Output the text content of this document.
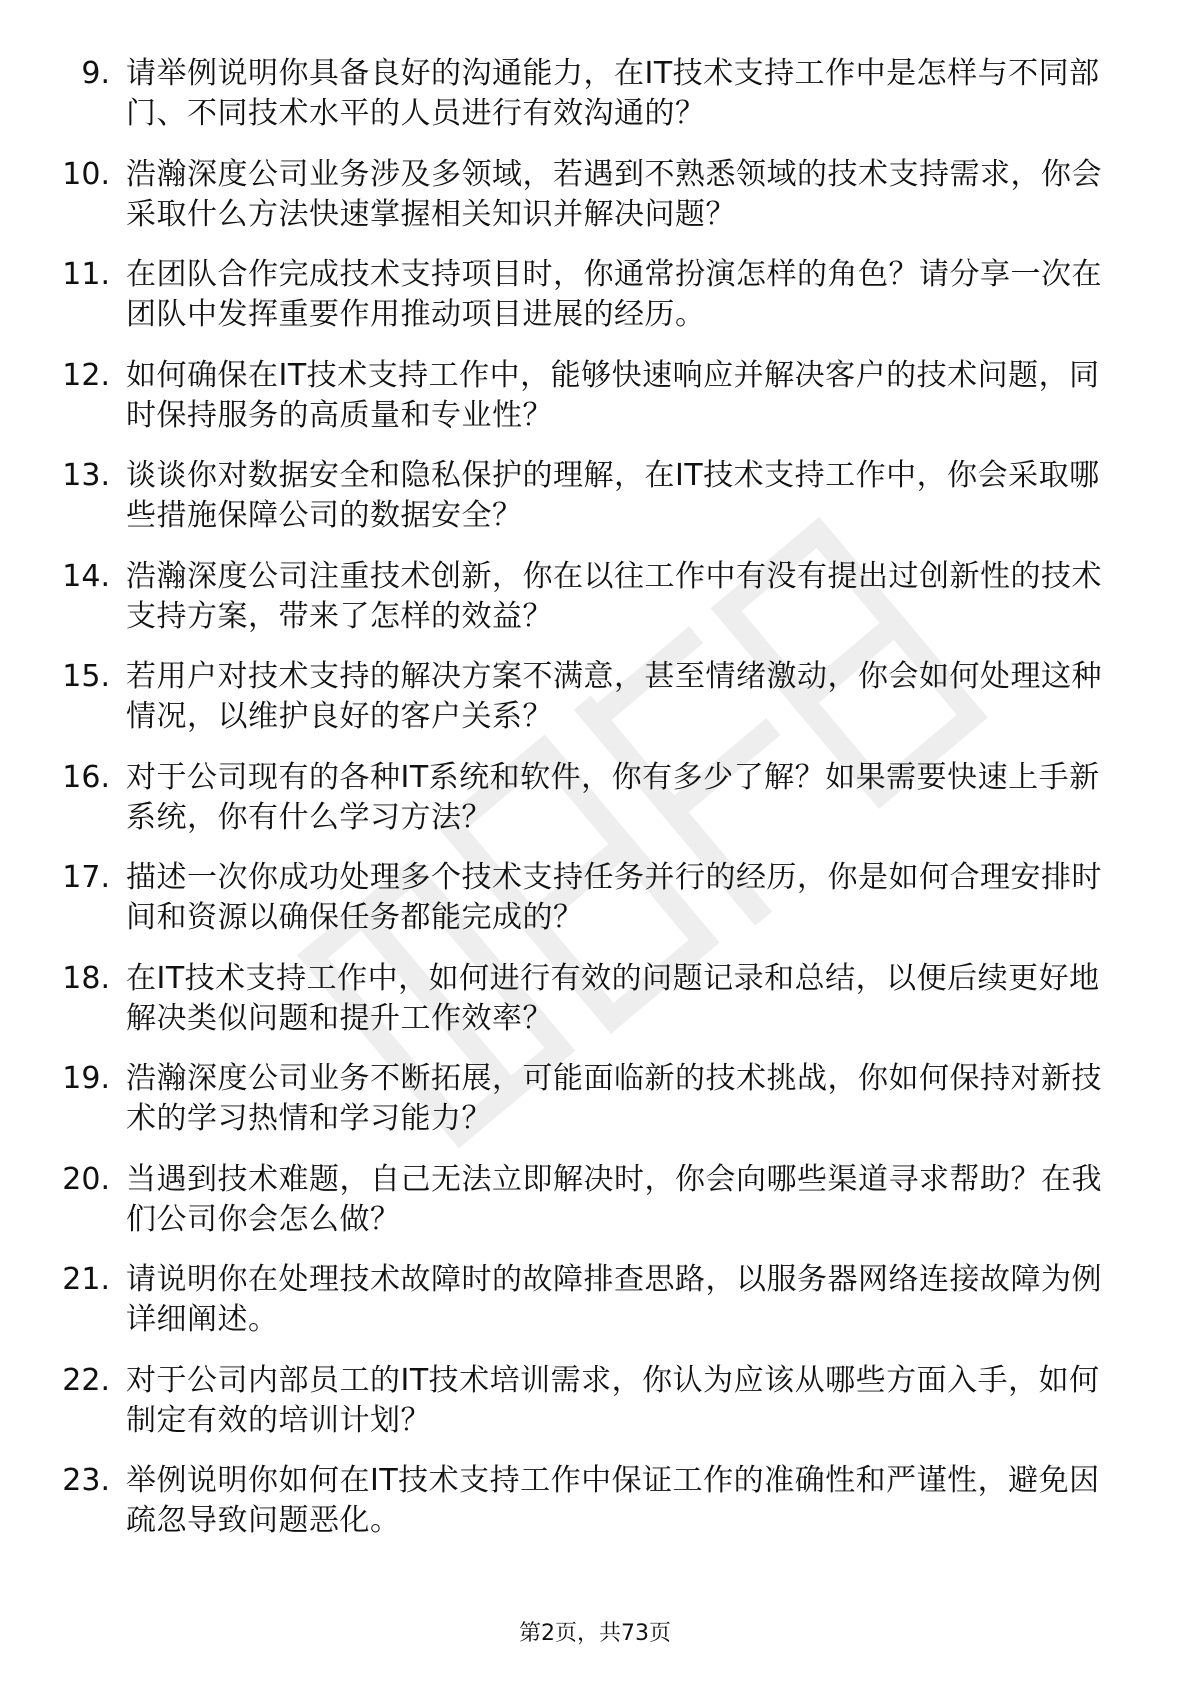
9. 请举例说明你具备良好的沟通能力，在IT技术支持工作中是怎样与不同部门、不同技术水平的人员进行有效沟通的？
10. 浩瀚深度公司业务涉及多领域，若遇到不熟悉领域的技术支持需求，你会采取什么方法快速掌握相关知识并解决问题？
11. 在团队合作完成技术支持项目时，你通常扮演怎样的角色？请分享一次在团队中发挥重要作用推动项目进展的经历。
12. 如何确保在IT技术支持工作中，能够快速响应并解决客户的技术问题，同时保持服务的高质量和专业性？
13. 谈谈你对数据安全和隐私保护的理解，在IT技术支持工作中，你会采取哪些措施保障公司的数据安全？
14. 浩瀚深度公司注重技术创新，你在以往工作中有没有提出过创新性的技术支持方案，带来了怎样的效益？
15. 若用户对技术支持的解决方案不满意，甚至情绪激动，你会如何处理这种情况，以维护良好的客户关系？
16. 对于公司现有的各种IT系统和软件，你有多少了解？如果需要快速上手新系统，你有什么学习方法？
17. 描述一次你成功处理多个技术支持任务并行的经历，你是如何合理安排时间和资源以确保任务都能完成的？
18. 在IT技术支持工作中，如何进行有效的问题记录和总结，以便后续更好地解决类似问题和提升工作效率？
19. 浩瀚深度公司业务不断拓展，可能面临新的技术挑战，你如何保持对新技术的学习热情和学习能力？
20. 当遇到技术难题，自己无法立即解决时，你会向哪些渠道寻求帮助？在我们公司你会怎么做？
21. 请说明你在处理技术故障时的故障排查思路，以服务器网络连接故障为例详细阐述。
22. 对于公司内部员工的IT技术培训需求，你认为应该从哪些方面入手，如何制定有效的培训计划？
23. 举例说明你如何在IT技术支持工作中保证工作的准确性和严谨性，避免因疏忽导致问题恶化。
第2页，共73页
